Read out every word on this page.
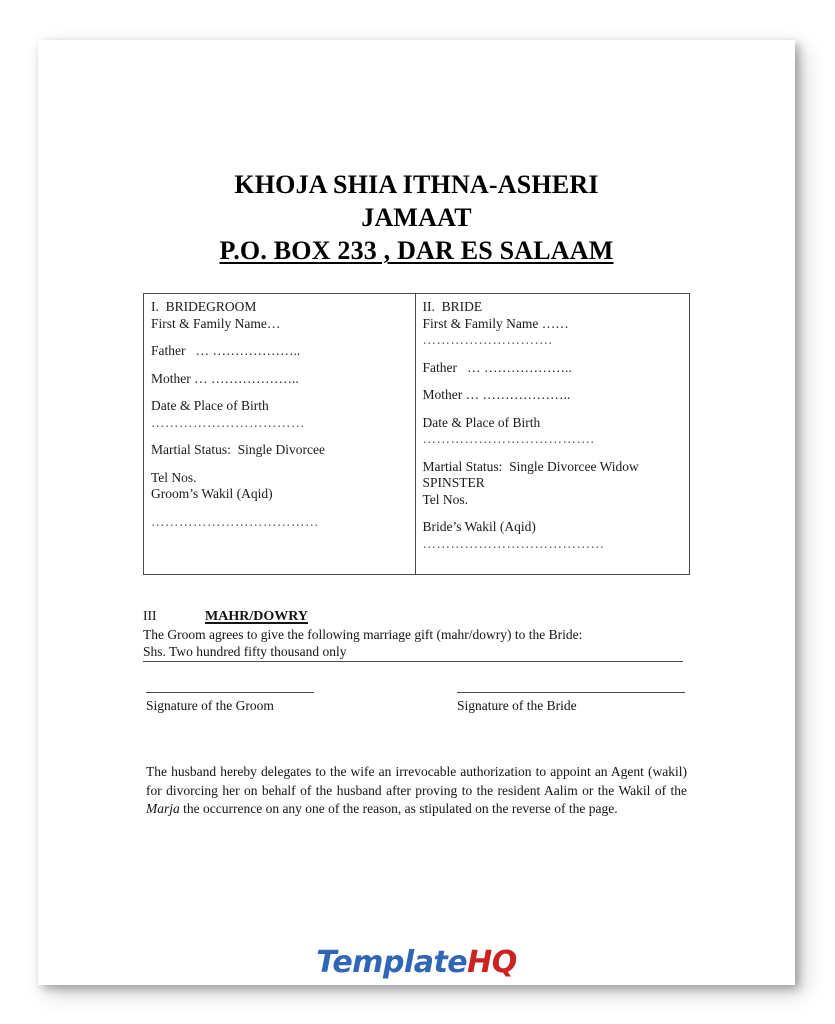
KHOJA SHIA ITHNA-ASHERI
JAMAAT
P.O. BOX 233 , DAR ES SALAAM
I.  BRIDEGROOM
First & Family Name…
Father   … ………………..
Mother … ………………..
Date & Place of Birth
……………………………
Martial Status:  Single Divorcee
Tel Nos.
Groom’s Wakil (Aqid)
………………………………
II.  BRIDE
First & Family Name ……
……………………….
Father   … ………………..
Mother … ………………..
Date & Place of Birth
……………………………….
Martial Status:  Single Divorcee Widow
SPINSTER
Tel Nos.
Bride’s Wakil (Aqid)
…………………………………
III	MAHR/DOWRY
The Groom agrees to give the following marriage gift (mahr/dowry) to the Bride:
Shs. Two hundred fifty thousand only
Signature of the Groom	Signature of the Bride

The husband hereby delegates to the wife an irrevocable authorization to appoint an Agent (wakil) for divorcing her on behalf of the husband after proving to the resident Aalim or the Wakil of the Marja the occurrence on any one of the reason, as stipulated on the reverse of the page.

TemplateHQ
